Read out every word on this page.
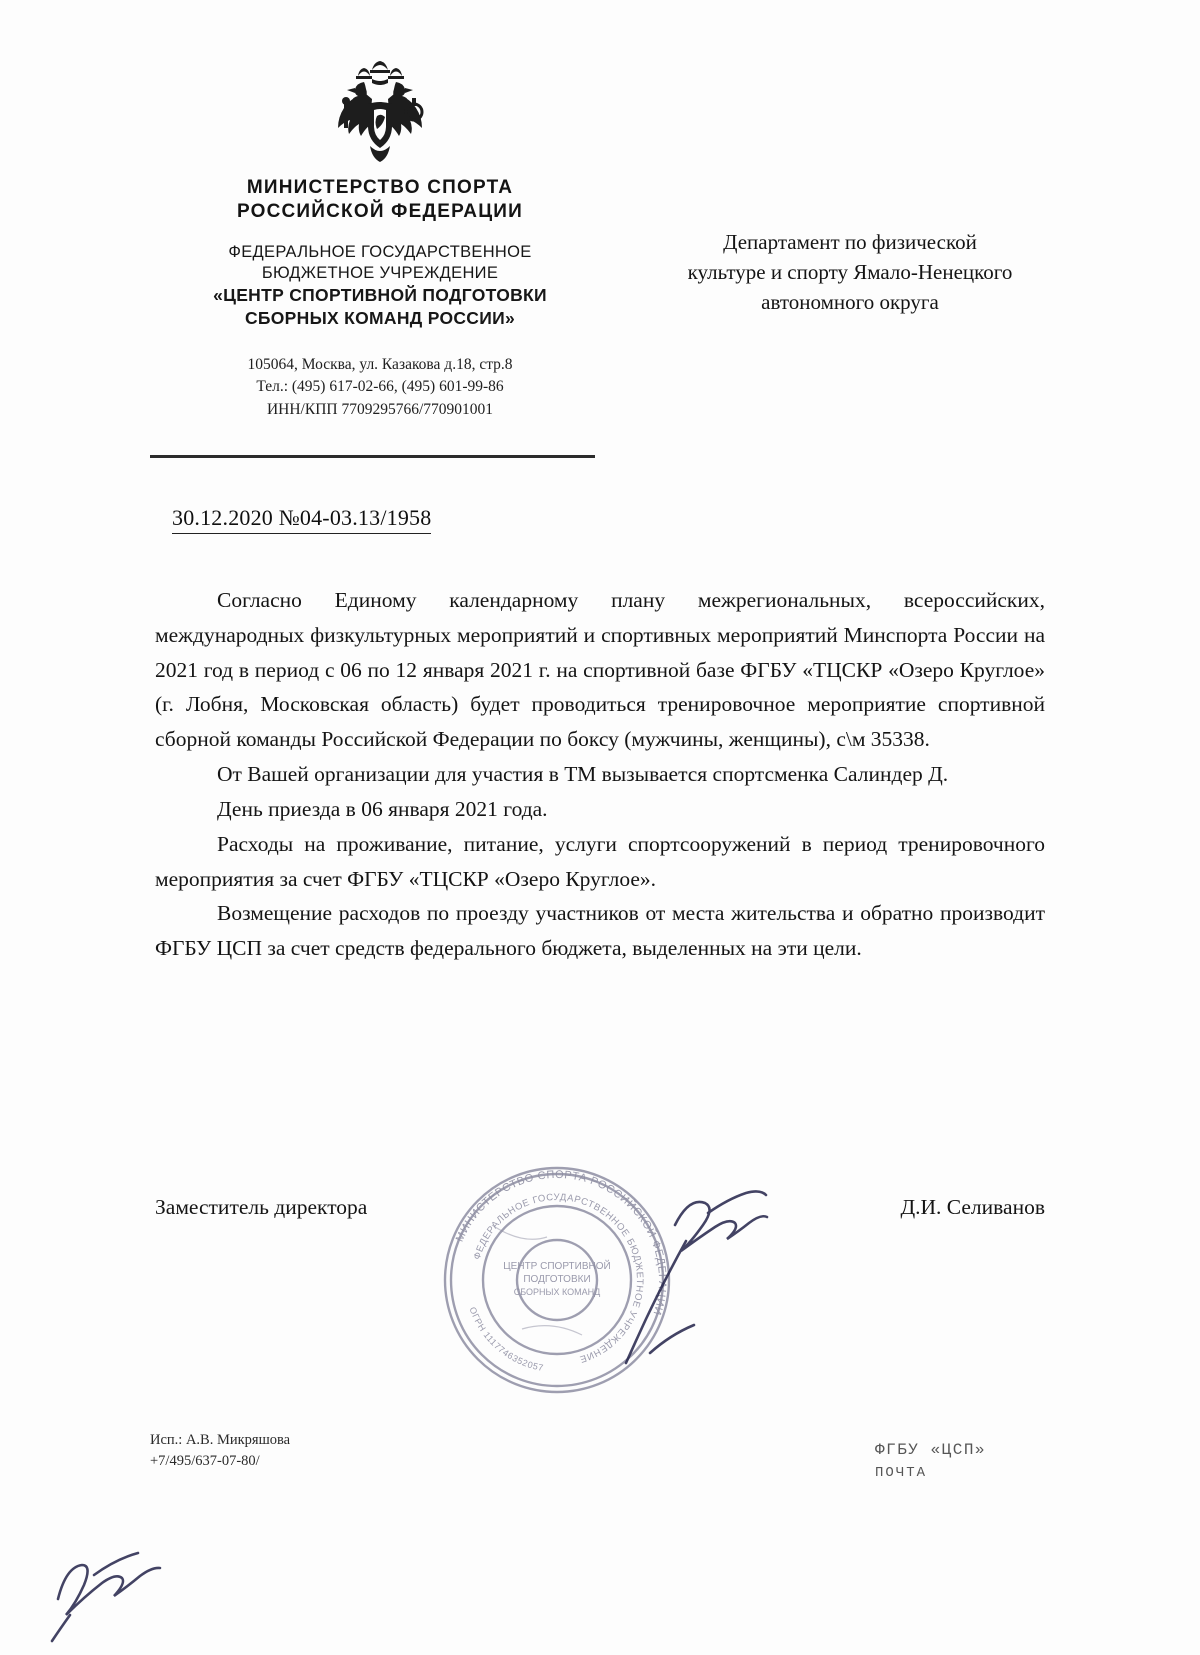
МИНИСТЕРСТВО СПОРТА
РОССИЙСКОЙ ФЕДЕРАЦИИ
ФЕДЕРАЛЬНОЕ ГОСУДАРСТВЕННОЕ
БЮДЖЕТНОЕ УЧРЕЖДЕНИЕ
«ЦЕНТР СПОРТИВНОЙ ПОДГОТОВКИ
СБОРНЫХ КОМАНД РОССИИ»
105064, Москва, ул. Казакова д.18, стр.8
Тел.: (495) 617-02-66, (495) 601-99-86
ИНН/КПП 7709295766/770901001
Департамент по физической
культуре и спорту Ямало-Ненецкого
автономного округа
30.12.2020 №04-03.13/1958

Согласно Единому календарному плану межрегиональных, всероссийских, международных физкультурных мероприятий и спортивных мероприятий Минспорта России на 2021 год в период с 06 по 12 января 2021 г. на спортивной базе ФГБУ «ТЦСКР «Озеро Круглое» (г. Лобня, Московская область) будет проводиться тренировочное мероприятие спортивной сборной команды Российской Федерации по боксу (мужчины, женщины), с\м 35338.

От Вашей организации для участия в ТМ вызывается спортсменка Салиндер Д.

День приезда в 06 января 2021 года.

Расходы на проживание, питание, услуги спортсооружений в период тренировочного мероприятия за счет ФГБУ «ТЦСКР «Озеро Круглое».

Возмещение расходов по проезду участников от места жительства и обратно производит ФГБУ ЦСП за счет средств федерального бюджета, выделенных на эти цели.

Заместитель директора	Д.И. Селиванов
МИНИСТЕРСТВО СПОРТА РОССИЙСКОЙ ФЕДЕРАЦИИ
ФЕДЕРАЛЬНОЕ ГОСУДАРСТВЕННОЕ БЮДЖЕТНОЕ УЧРЕЖДЕНИЕ
ОГРН 1117746352057
ЦЕНТР СПОРТИВНОЙ
ПОДГОТОВКИ
СБОРНЫХ КОМАНД
Исп.: А.В. Микряшова
+7/495/637-07-80/
ФГБУ «ЦСП»
ПОЧТА
